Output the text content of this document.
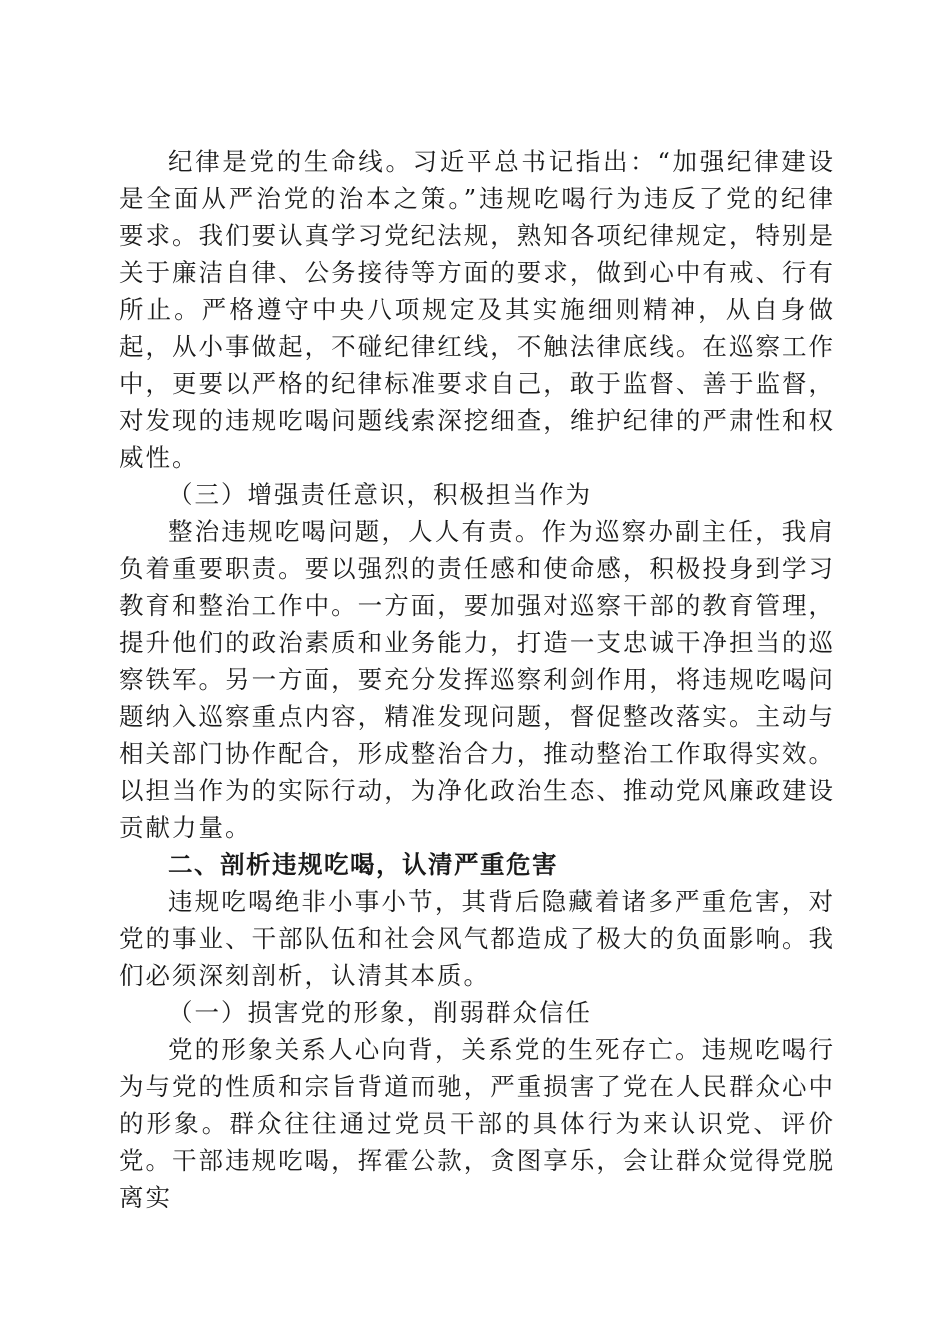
纪律是党的生命线。习近平总书记指出：“加强纪律建设是全面从严治党的治本之策。”违规吃喝行为违反了党的纪律要求。我们要认真学习党纪法规，熟知各项纪律规定，特别是关于廉洁自律、公务接待等方面的要求，做到心中有戒、行有所止。严格遵守中央八项规定及其实施细则精神，从自身做起，从小事做起，不碰纪律红线，不触法律底线。在巡察工作中，更要以严格的纪律标准要求自己，敢于监督、善于监督，对发现的违规吃喝问题线索深挖细查，维护纪律的严肃性和权威性。

（三）增强责任意识，积极担当作为

整治违规吃喝问题，人人有责。作为巡察办副主任，我肩负着重要职责。要以强烈的责任感和使命感，积极投身到学习教育和整治工作中。一方面，要加强对巡察干部的教育管理，提升他们的政治素质和业务能力，打造一支忠诚干净担当的巡察铁军。另一方面，要充分发挥巡察利剑作用，将违规吃喝问题纳入巡察重点内容，精准发现问题，督促整改落实。主动与相关部门协作配合，形成整治合力，推动整治工作取得实效。以担当作为的实际行动，为净化政治生态、推动党风廉政建设贡献力量。

二、剖析违规吃喝，认清严重危害

违规吃喝绝非小事小节，其背后隐藏着诸多严重危害，对党的事业、干部队伍和社会风气都造成了极大的负面影响。我们必须深刻剖析，认清其本质。

（一）损害党的形象，削弱群众信任

党的形象关系人心向背，关系党的生死存亡。违规吃喝行为与党的性质和宗旨背道而驰，严重损害了党在人民群众心中的形象。群众往往通过党员干部的具体行为来认识党、评价党。干部违规吃喝，挥霍公款，贪图享乐，会让群众觉得党脱离实
